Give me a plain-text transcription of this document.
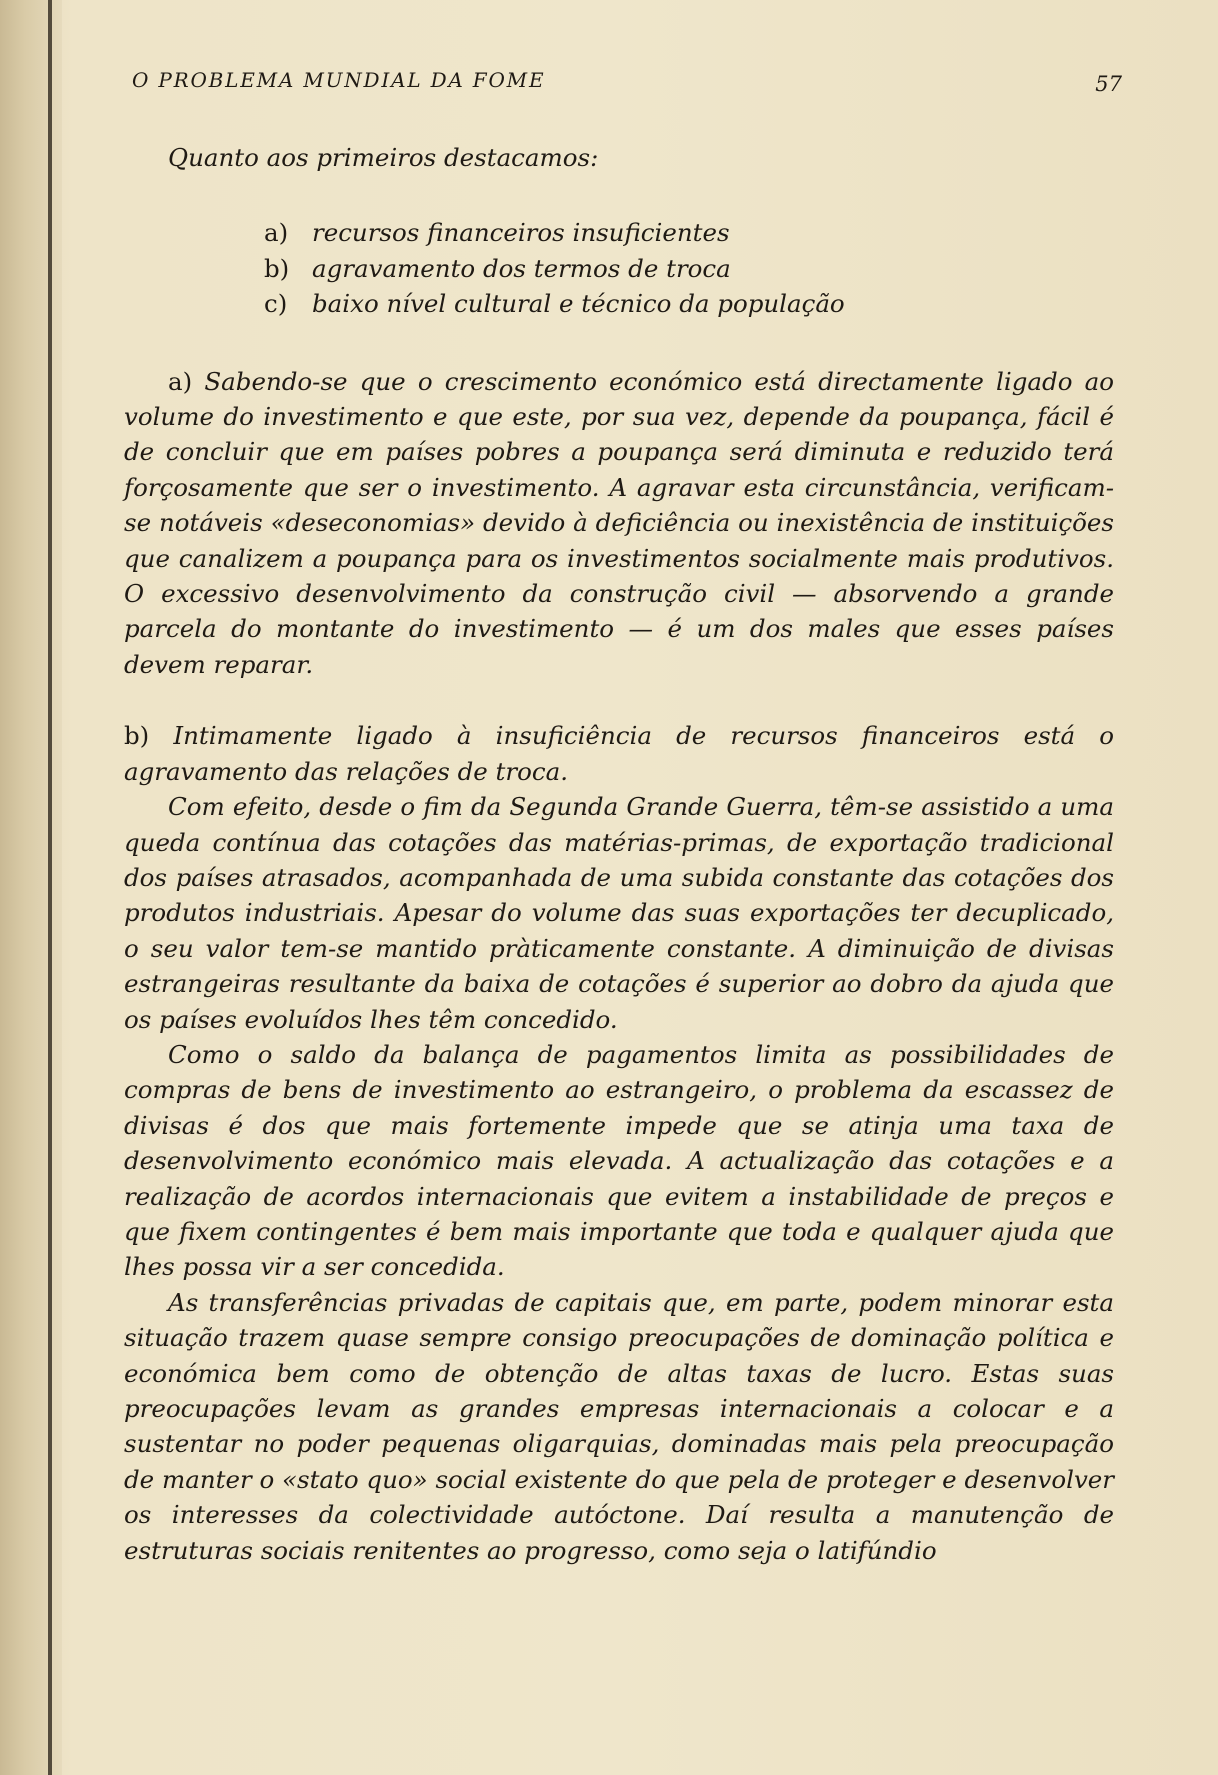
O PROBLEMA MUNDIAL DA FOME	57

Quanto aos primeiros destacamos:

a) recursos financeiros insuficientes
b) agravamento dos termos de troca
c) baixo nível cultural e técnico da população

a) Sabendo-se que o crescimento económico está directamente ligado ao volume do investimento e que este, por sua vez, depende da poupança, fácil é de concluir que em países pobres a poupança será diminuta e reduzido terá forçosamente que ser o investimento. A agravar esta circunstância, verificam-se notáveis «deseconomias» devido à deficiência ou inexistência de instituições que canalizem a poupança para os investimentos socialmente mais produtivos. O excessivo desenvolvimento da construção civil — absorvendo a grande parcela do montante do investimento — é um dos males que esses países devem reparar.

b) Intimamente ligado à insuficiência de recursos financeiros está o agravamento das relações de troca.

Com efeito, desde o fim da Segunda Grande Guerra, têm-se assistido a uma queda contínua das cotações das matérias-primas, de exportação tradicional dos países atrasados, acompanhada de uma subida constante das cotações dos produtos industriais. Apesar do volume das suas exportações ter decuplicado, o seu valor tem-se mantido pràticamente constante. A diminuição de divisas estrangeiras resultante da baixa de cotações é superior ao dobro da ajuda que os países evoluídos lhes têm concedido.

Como o saldo da balança de pagamentos limita as possibilidades de compras de bens de investimento ao estrangeiro, o problema da escassez de divisas é dos que mais fortemente impede que se atinja uma taxa de desenvolvimento económico mais elevada. A actualização das cotações e a realização de acordos internacionais que evitem a instabilidade de preços e que fixem contingentes é bem mais importante que toda e qualquer ajuda que lhes possa vir a ser concedida.

As transferências privadas de capitais que, em parte, podem minorar esta situação trazem quase sempre consigo preocupações de dominação política e económica bem como de obtenção de altas taxas de lucro. Estas suas preocupações levam as grandes empresas internacionais a colocar e a sustentar no poder pequenas oligarquias, dominadas mais pela preocupação de manter o «stato quo» social existente do que pela de proteger e desenvolver os interesses da colectividade autóctone. Daí resulta a manutenção de estruturas sociais renitentes ao progresso, como seja o latifúndio
